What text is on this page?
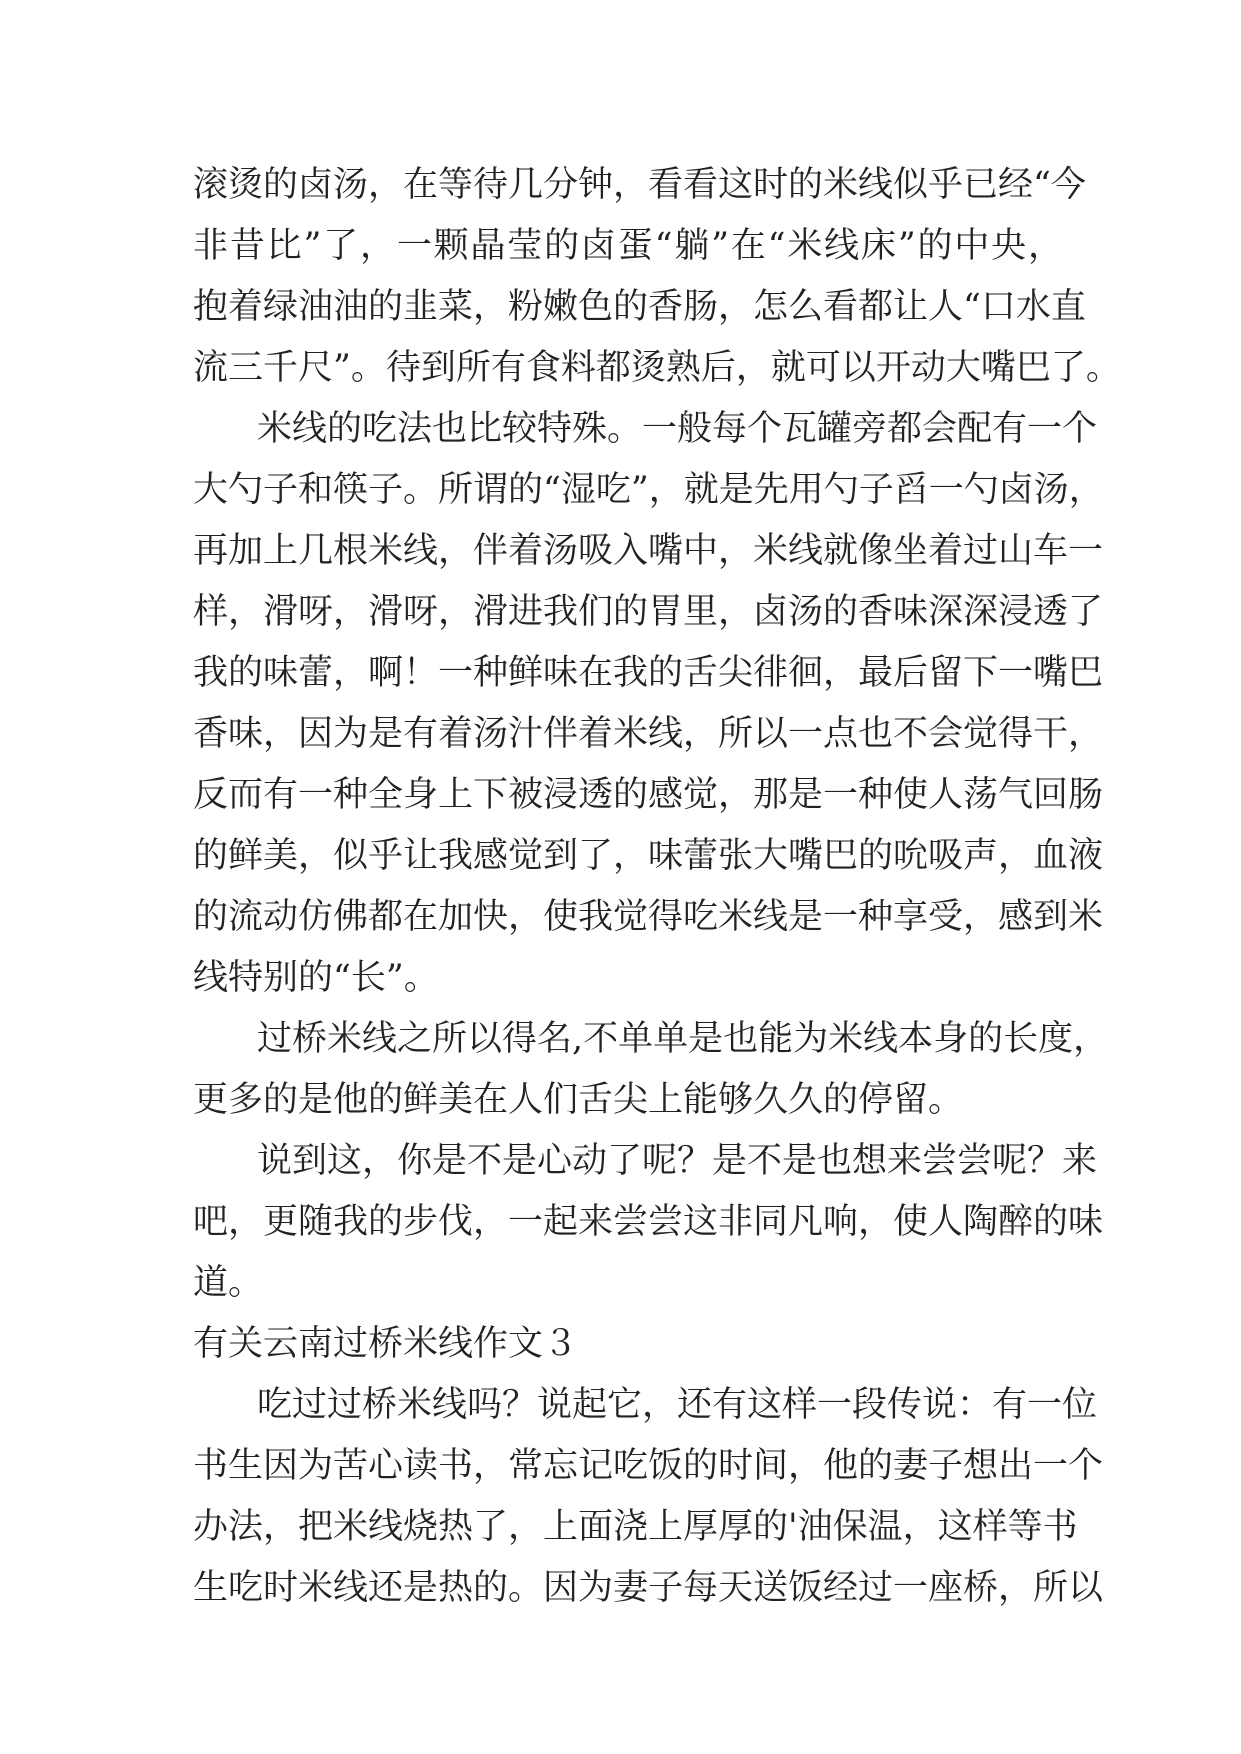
滚烫的卤汤，在等待几分钟，看看这时的米线似乎已经“今
非昔比”了，一颗晶莹的卤蛋“躺”在“米线床”的中央，
抱着绿油油的韭菜，粉嫩色的香肠，怎么看都让人“口水直
流三千尺”。待到所有食料都烫熟后，就可以开动大嘴巴了。
米线的吃法也比较特殊。一般每个瓦罐旁都会配有一个
大勺子和筷子。所谓的“湿吃”，就是先用勺子舀一勺卤汤，
再加上几根米线，伴着汤吸入嘴中，米线就像坐着过山车一
样，滑呀，滑呀，滑进我们的胃里，卤汤的香味深深浸透了
我的味蕾，啊！一种鲜味在我的舌尖徘徊，最后留下一嘴巴
香味，因为是有着汤汁伴着米线，所以一点也不会觉得干，
反而有一种全身上下被浸透的感觉，那是一种使人荡气回肠
的鲜美，似乎让我感觉到了，味蕾张大嘴巴的吮吸声，血液
的流动仿佛都在加快，使我觉得吃米线是一种享受，感到米
线特别的“长”。
过桥米线之所以得名,不单单是也能为米线本身的长度，
更多的是他的鲜美在人们舌尖上能够久久的停留。
说到这，你是不是心动了呢？是不是也想来尝尝呢？来
吧，更随我的步伐，一起来尝尝这非同凡响，使人陶醉的味
道。
有关云南过桥米线作文３
吃过过桥米线吗？说起它，还有这样一段传说：有一位
书生因为苦心读书，常忘记吃饭的时间，他的妻子想出一个
办法，把米线烧热了，上面浇上厚厚的'油保温，这样等书
生吃时米线还是热的。因为妻子每天送饭经过一座桥，所以
